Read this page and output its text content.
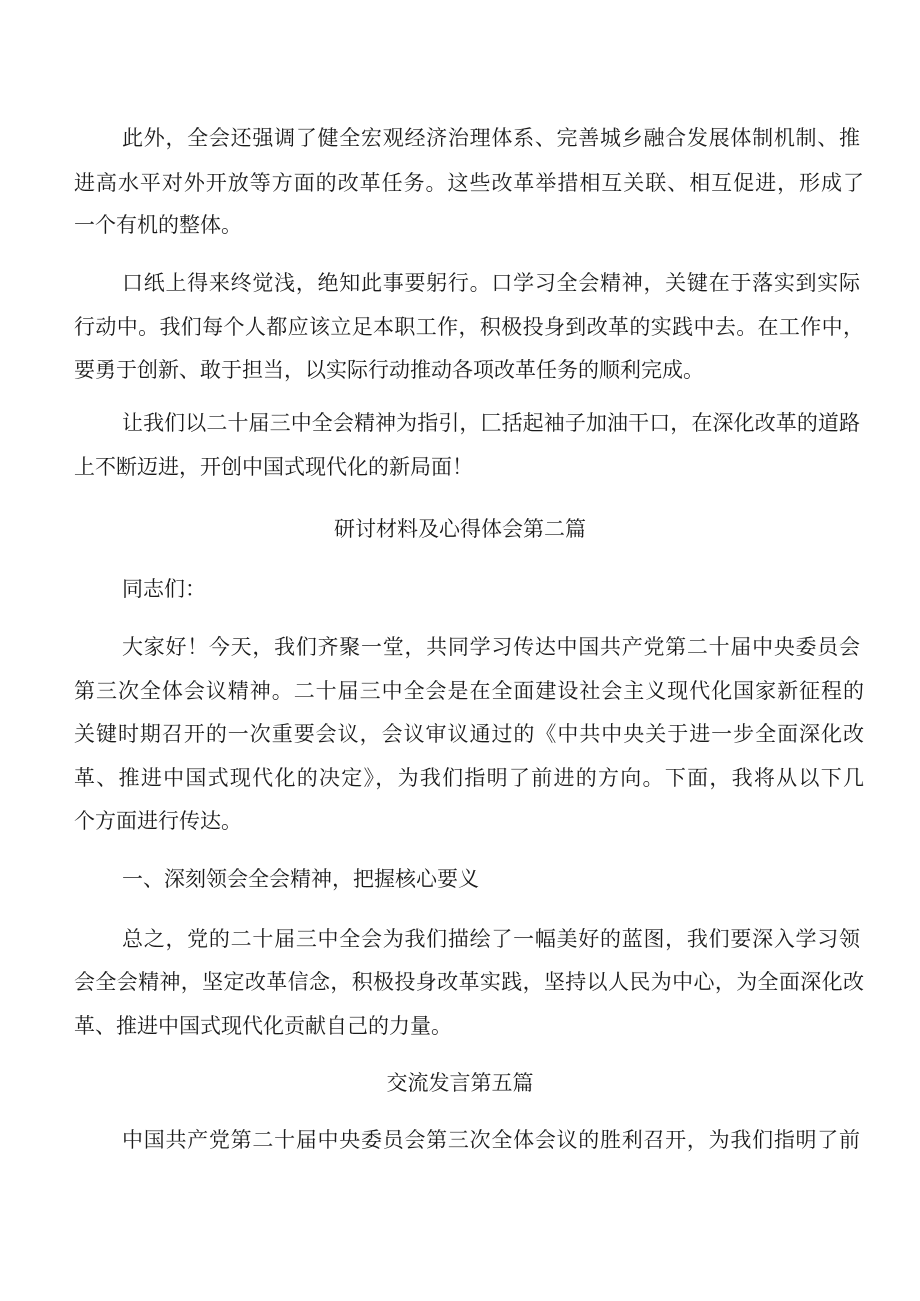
此外，全会还强调了健全宏观经济治理体系、完善城乡融合发展体制机制、推
进高水平对外开放等方面的改革任务。这些改革举措相互关联、相互促进，形成了
一个有机的整体。
口纸上得来终觉浅，绝知此事要躬行。口学习全会精神，关键在于落实到实际
行动中。我们每个人都应该立足本职工作，积极投身到改革的实践中去。在工作中，
要勇于创新、敢于担当，以实际行动推动各项改革任务的顺利完成。
让我们以二十届三中全会精神为指引，匚括起袖子加油干口，在深化改革的道路
上不断迈进，开创中国式现代化的新局面！
研讨材料及心得体会第二篇
同志们：
大家好！今天，我们齐聚一堂，共同学习传达中国共产党第二十届中央委员会
第三次全体会议精神。二十届三中全会是在全面建设社会主义现代化国家新征程的
关键时期召开的一次重要会议，会议审议通过的《中共中央关于进一步全面深化改
革、推进中国式现代化的决定》，为我们指明了前进的方向。下面，我将从以下几
个方面进行传达。
一、深刻领会全会精神，把握核心要义
总之，党的二十届三中全会为我们描绘了一幅美好的蓝图，我们要深入学习领
会全会精神，坚定改革信念，积极投身改革实践，坚持以人民为中心，为全面深化改
革、推进中国式现代化贡献自己的力量。
交流发言第五篇
中国共产党第二十届中央委员会第三次全体会议的胜利召开，为我们指明了前
